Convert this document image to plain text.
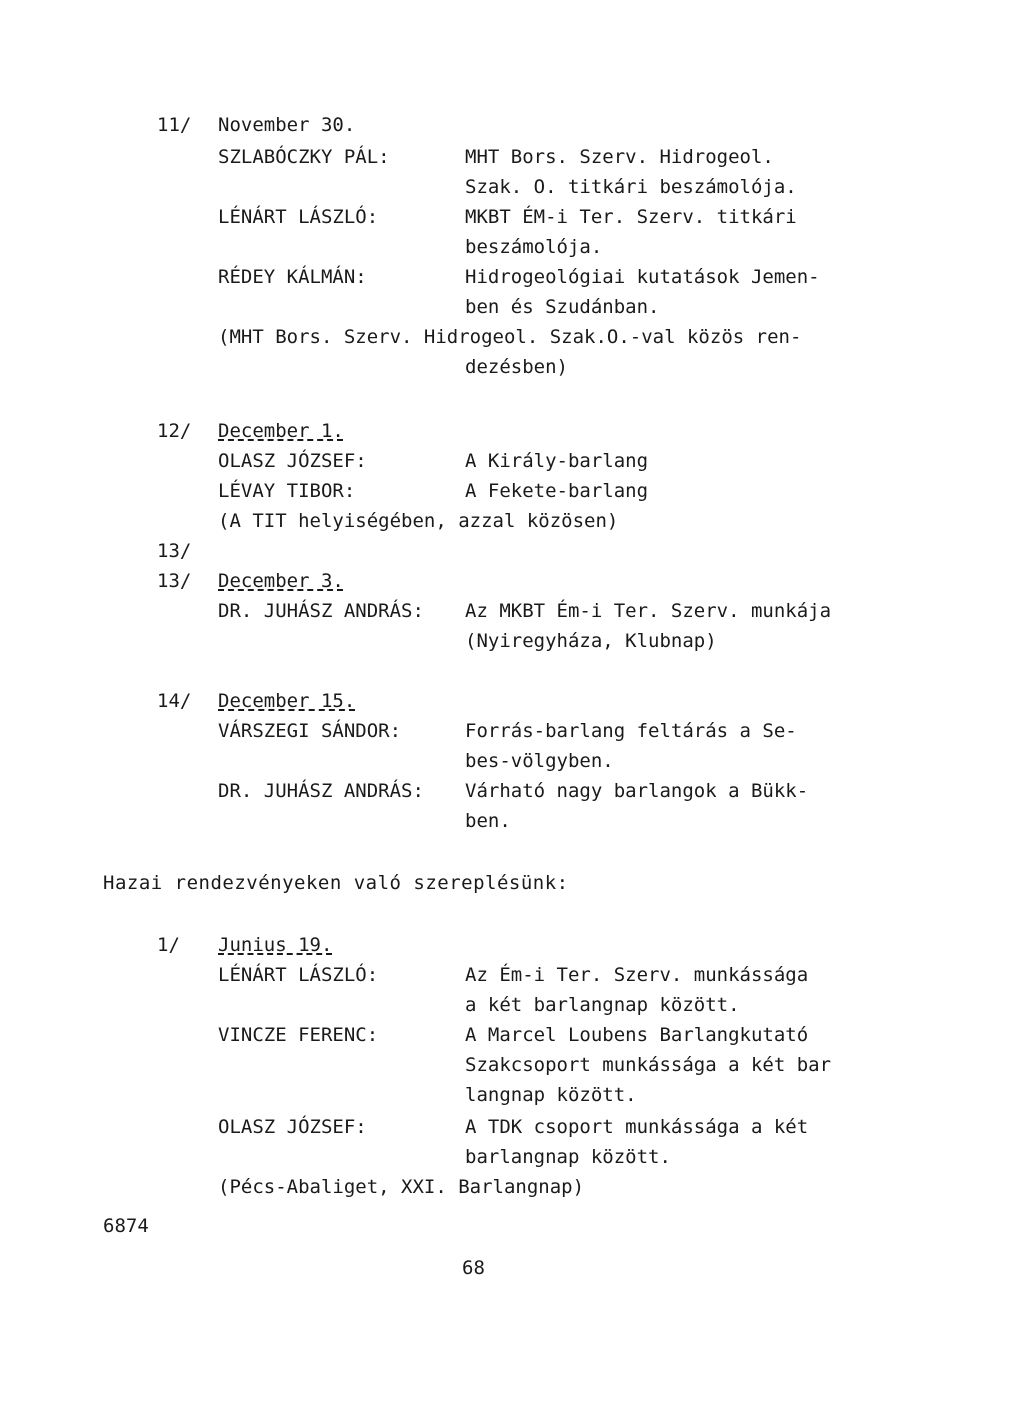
11/ November 30.
SZLABÓCZKY PÁL:	MHT Bors. Szerv. Hidrogeol.
Szak. O. titkári beszámolója.
LÉNÁRT LÁSZLÓ:	MKBT ÉM-i Ter. Szerv. titkári
beszámolója.
RÉDEY KÁLMÁN:	Hidrogeológiai kutatások Jemen-
ben és Szudánban.
(MHT Bors. Szerv. Hidrogeol. Szak.O.-val közös ren-
dezésben)
12/ December 1.
OLASZ JÓZSEF:	A Király-barlang
LÉVAY TIBOR:	A Fekete-barlang
(A TIT helyiségében, azzal közösen)
13/
13/ December 3.
DR. JUHÁSZ ANDRÁS: Az MKBT Ém-i Ter. Szerv. munkája
(Nyiregyháza, Klubnap)
14/ December 15.
VÁRSZEGI SÁNDOR:	Forrás-barlang feltárás a Se-
bes-völgyben.
DR. JUHÁSZ ANDRÁS: Várható nagy barlangok a Bükk-
ben.
Hazai rendezvényeken való szereplésünk:
1/ Junius 19.
LÉNÁRT LÁSZLÓ:	Az Ém-i Ter. Szerv. munkássága
a két barlangnap között.
VINCZE FERENC:	A Marcel Loubens Barlangkutató
Szakcsoport munkássága a két bar
langnap között.
OLASZ JÓZSEF:	A TDK csoport munkássága a két
barlangnap között.
(Pécs-Abaliget, XXI. Barlangnap)
6874
68
